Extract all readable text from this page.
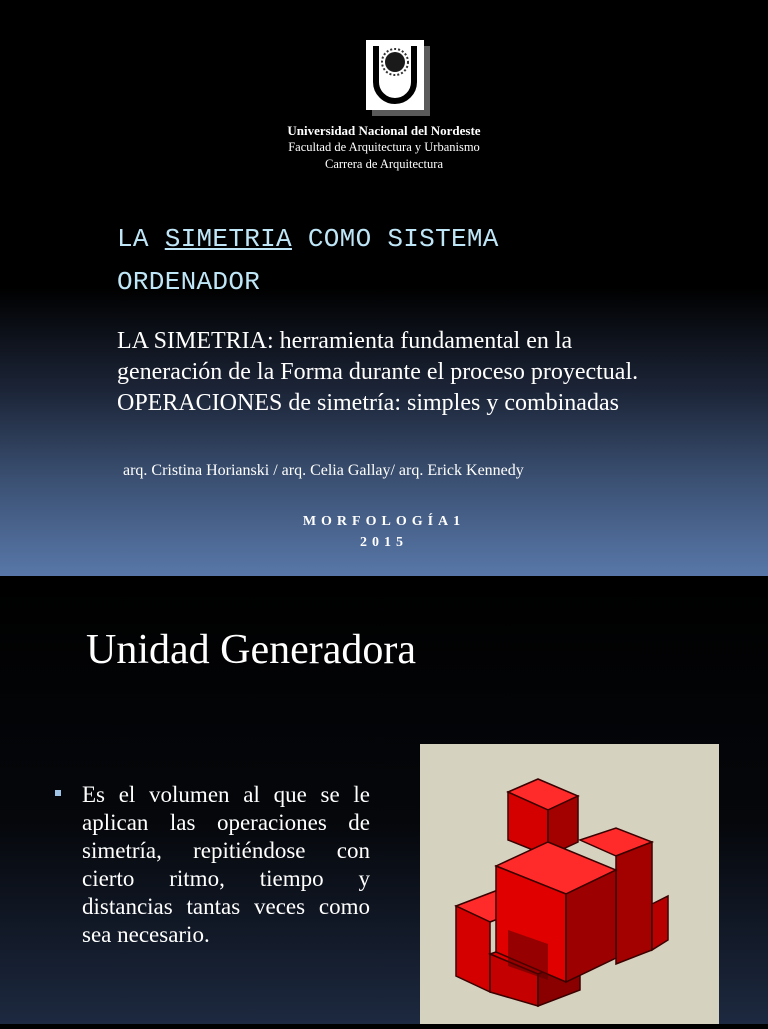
Universidad Nacional del Nordeste
Facultad de Arquitectura y Urbanismo
Carrera de Arquitectura
LA SIMETRIA COMO SISTEMA
ORDENADOR
LA SIMETRIA: herramienta fundamental en la
generación de la Forma durante el proceso proyectual.
OPERACIONES de simetría: simples y combinadas
arq. Cristina Horianski / arq. Celia Gallay/ arq. Erick Kennedy
MORFOLOGÍA1
2015
Unidad Generadora
Es el volumen al que se le aplican las operaciones de simetría, repitiéndose con cierto ritmo, tiempo y distancias tantas veces como sea necesario.
